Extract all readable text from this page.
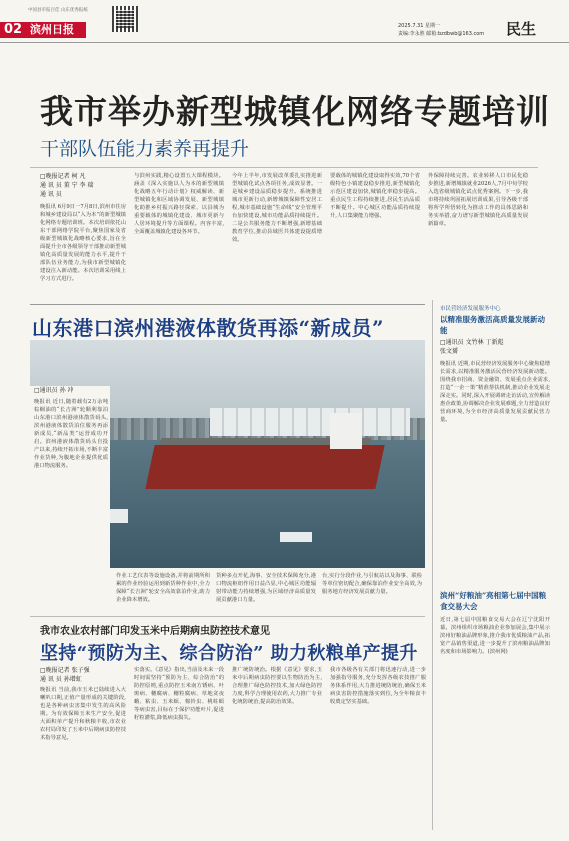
中国县市报百佳 山东优秀报纸
02 滨州日报	2025.7.31 星期一
责编:李永胜 邮箱:bzdbwb@163.com 民生
我市举办新型城镇化网络专题培训
干部队伍能力素养再提升
□晚报记者 柯 凡
通 讯 员 董 宁 李 瑞
通 讯 员
晚报讯 6月9日一7月8日,滨州市住房和城乡建设局以“入为本”的新型城镇化网络专题培训班。本次培训依托山东干部网络学院平台,聚焦国家及省级新型城镇化战略核心要求,旨在全面提升全市各级领导干部推动新型城镇化高质量发展的能力水平,提升干部队伍业务能力,为我市新型城镇化建设注入新动能。本次培训采用线上学习方式进行。
与滨州实践,精心设置五大课程模块。涵盖《深入实施以人为本的新型城镇化战略五年行动计划》权威解读、新型城镇化和区域协调发展、新型城镇化助推乡村振兴路径探索、以县城为重要载体的城镇化建设、城市更新与人居环境提升等方面课程。内容丰富,全面覆盖城镇化建设各环节。
今年上半年,市发展改革委扎实推进新型城镇化试点各项任务,成效显著。一是城乡建设品质稳步提升。系统推进城市更新行动,新增城镇保障性安居工程,城市基础设施“生命线”安全管理平台加快建设,城市功能品质持续提升。二是公共服务能力不断增强,新增基础教育学位,推动县域医共体建设提质增效。
要载体的城镇化建设取得实效,70个省级特色小镇建设稳步推进,新型城镇化示范区建设加快,城镇化率稳步提高。重点民生工程持续推进,居民生活品质不断提升。中心城区功能品质持续提升,人口集聚能力增强。
外保障持续完善。农业转移人口市民化稳步推进,新增城镇就业2026人,7月中旬学校入选省级城镇化试点优秀案例。下一步,我市将持续巩固拓展培训成果,引导各级干部将所学所悟转化为推动工作的具体思路和务实举措,奋力谱写新型城镇化高质量发展新篇章。
山东港口滨州港液体散货再添“新成员”
□通讯员 孙 冲
晚报讯 近日,随着载有2万余吨棕榈油的“长吉洲”轮顺利靠泊山东港口滨州港液体散货码头,滨州港液体散货泊位服务再添新成员,“新品类”运营成功开启。滨州港液体散货码头自投产以来,持续开拓市场,不断丰富作业货种,为腹地企业提供优质港口物流服务。
作业工艺仪表等设施设备,并将前期所积累的作业经验运用到新货种作业中,全力保障“长吉洲”轮安全高效靠泊作业,助力企业降本增效。
货种多点开花,海事、安全技术保障充分,港口物流枢纽作用日益凸显,中心城区功能辐射带动能力持续增强,为区域经济高质量发展贡献港口力量。
台,实行分段作业,与引航站以及海事、联检等单位密切配合,确保靠泊作业安全高效,为服务地方经济发展贡献力量。
市民营经济发展服务中心
以精准服务激活高质量发展新动能
□通讯员 文竹林 丁新彪
张文赟
晚报讯 近期,市民营经济发展服务中心聚焦稳增长需求,以精准服务激活民营经济发展新动能。围绕我市招商、资金融资、发展重点企业需求,打造“一企一策”精准帮扶机制,推动企业发展走深走实。同时,深入开展调研走访活动,宣传解读惠企政策,协调解决企业发展难题,全力营造良好营商环境,为全市经济高质量发展贡献民营力量。
滨州“好粮油”亮相第七届中国粮食交易大会
近日,第七届中国粮食交易大会在辽宁沈阳开幕。滨州组织市场粮油企业参加展会,集中展示滨州好粮油品牌形象,推介我市优质粮油产品,拓宽产品销售渠道,进一步提升了滨州粮油品牌知名度和市场影响力。(滨州网)
我市农业农村部门印发玉米中后期病虫防控技术意见
坚持“预防为主、综合防治” 助力秋粮单产提升
□晚报记者 张子强
通 讯 员 孙增虹
晚报讯 当前,我市玉米已陆续进入大喇叭口期,正值产量形成的关键阶段,也是各种病虫害集中发生的高风险期。为有效保障玉米生产安全,促进大面积单产提升和秋粮丰收,市农业农村局印发了玉米中后期病虫防控技术指导意见。
实落实。《意见》指出,当前及未来一段时间需坚持“预防为主、综合防治”的防控原则,重点防控玉米南方锈病、叶斑病、穗腐病、穗粒腐病、草地贪夜蛾、粘虫、玉米螟、棉铃虫、桃蛀螟等病虫害,目标在于保护功能叶片,促进籽粒灌浆,降低病虫损失。
推广统防统治。根据《意见》要求,玉米中后期病虫防控要以生物防治为主,合理推广绿色防控技术,加大绿色防控力度,科学合理使用农药,大力推广专业化统防统治,提高防治效果。
我市各级各有关部门将迅速行动,进一步加强指导服务,充分发挥各级农技推广服务体系作用,大力推进统防统治,确保玉米病虫害防控措施落实到位,为全年粮食丰收奠定坚实基础。
